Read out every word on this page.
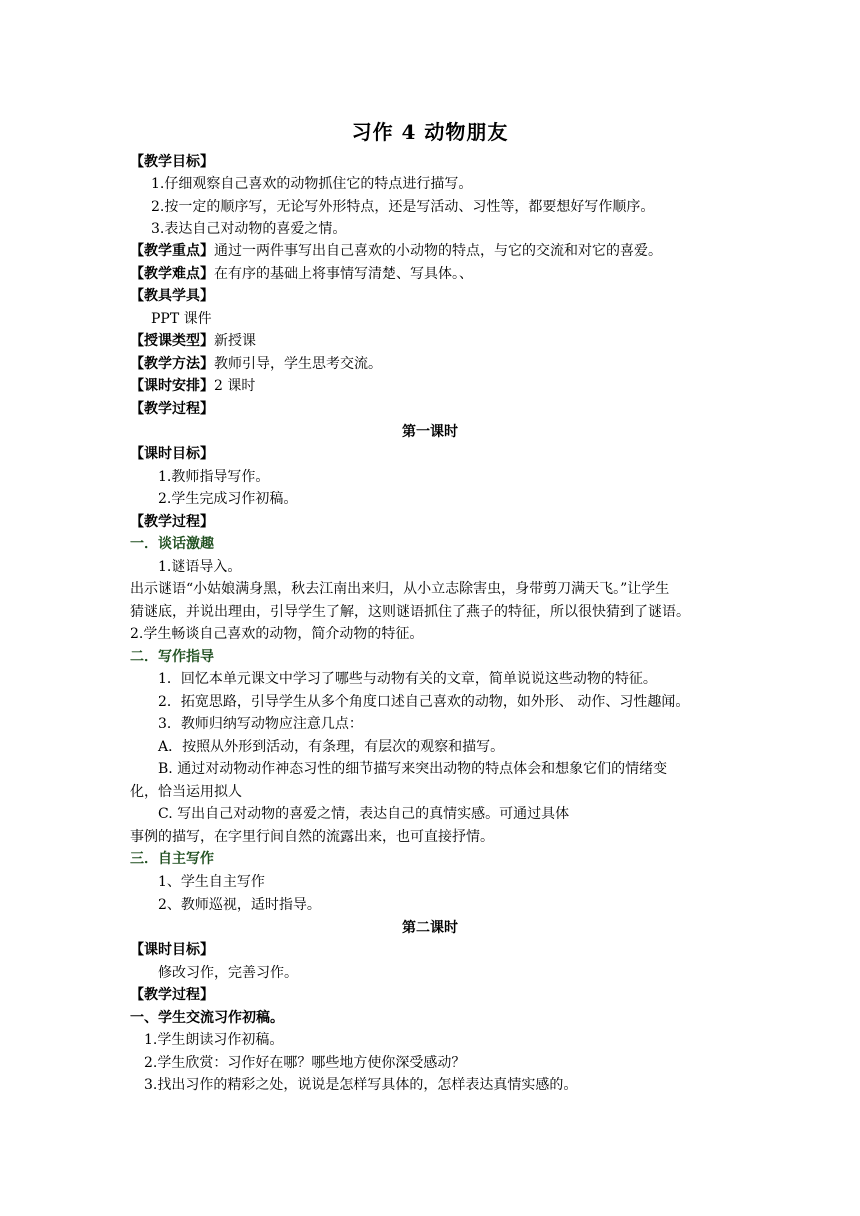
习作 4 动物朋友
【教学目标】
1.仔细观察自己喜欢的动物抓住它的特点进行描写。
2.按一定的顺序写，无论写外形特点，还是写活动、习性等，都要想好写作顺序。
3.表达自己对动物的喜爱之情。
【教学重点】通过一两件事写出自己喜欢的小动物的特点，与它的交流和对它的喜爱。
【教学难点】在有序的基础上将事情写清楚、写具体。、
【教具学具】
PPT 课件
【授课类型】新授课
【教学方法】教师引导，学生思考交流。
【课时安排】2 课时
【教学过程】
第一课时
【课时目标】
1.教师指导写作。
2.学生完成习作初稿。
【教学过程】
一．谈话激趣
1.谜语导入。
出示谜语“小姑娘满身黑，秋去江南出来归，从小立志除害虫，身带剪刀满天飞。”让学生
猜谜底，并说出理由，引导学生了解，这则谜语抓住了燕子的特征，所以很快猜到了谜语。
2.学生畅谈自己喜欢的动物，简介动物的特征。
二．写作指导
1．回忆本单元课文中学习了哪些与动物有关的文章，简单说说这些动物的特征。
2．拓宽思路，引导学生从多个角度口述自己喜欢的动物，如外形、 动作、习性趣闻。
3．教师归纳写动物应注意几点：
A．按照从外形到活动，有条理，有层次的观察和描写。
B. 通过对动物动作神态习性的细节描写来突出动物的特点体会和想象它们的情绪变
化，恰当运用拟人
C. 写出自己对动物的喜爱之情，表达自己的真情实感。可通过具体
事例的描写，在字里行间自然的流露出来，也可直接抒情。
三．自主写作
1、学生自主写作
2、教师巡视，适时指导。
第二课时
【课时目标】
修改习作，完善习作。
【教学过程】
一、学生交流习作初稿。
1.学生朗读习作初稿。
2.学生欣赏：习作好在哪？哪些地方使你深受感动？
3.找出习作的精彩之处，说说是怎样写具体的，怎样表达真情实感的。
